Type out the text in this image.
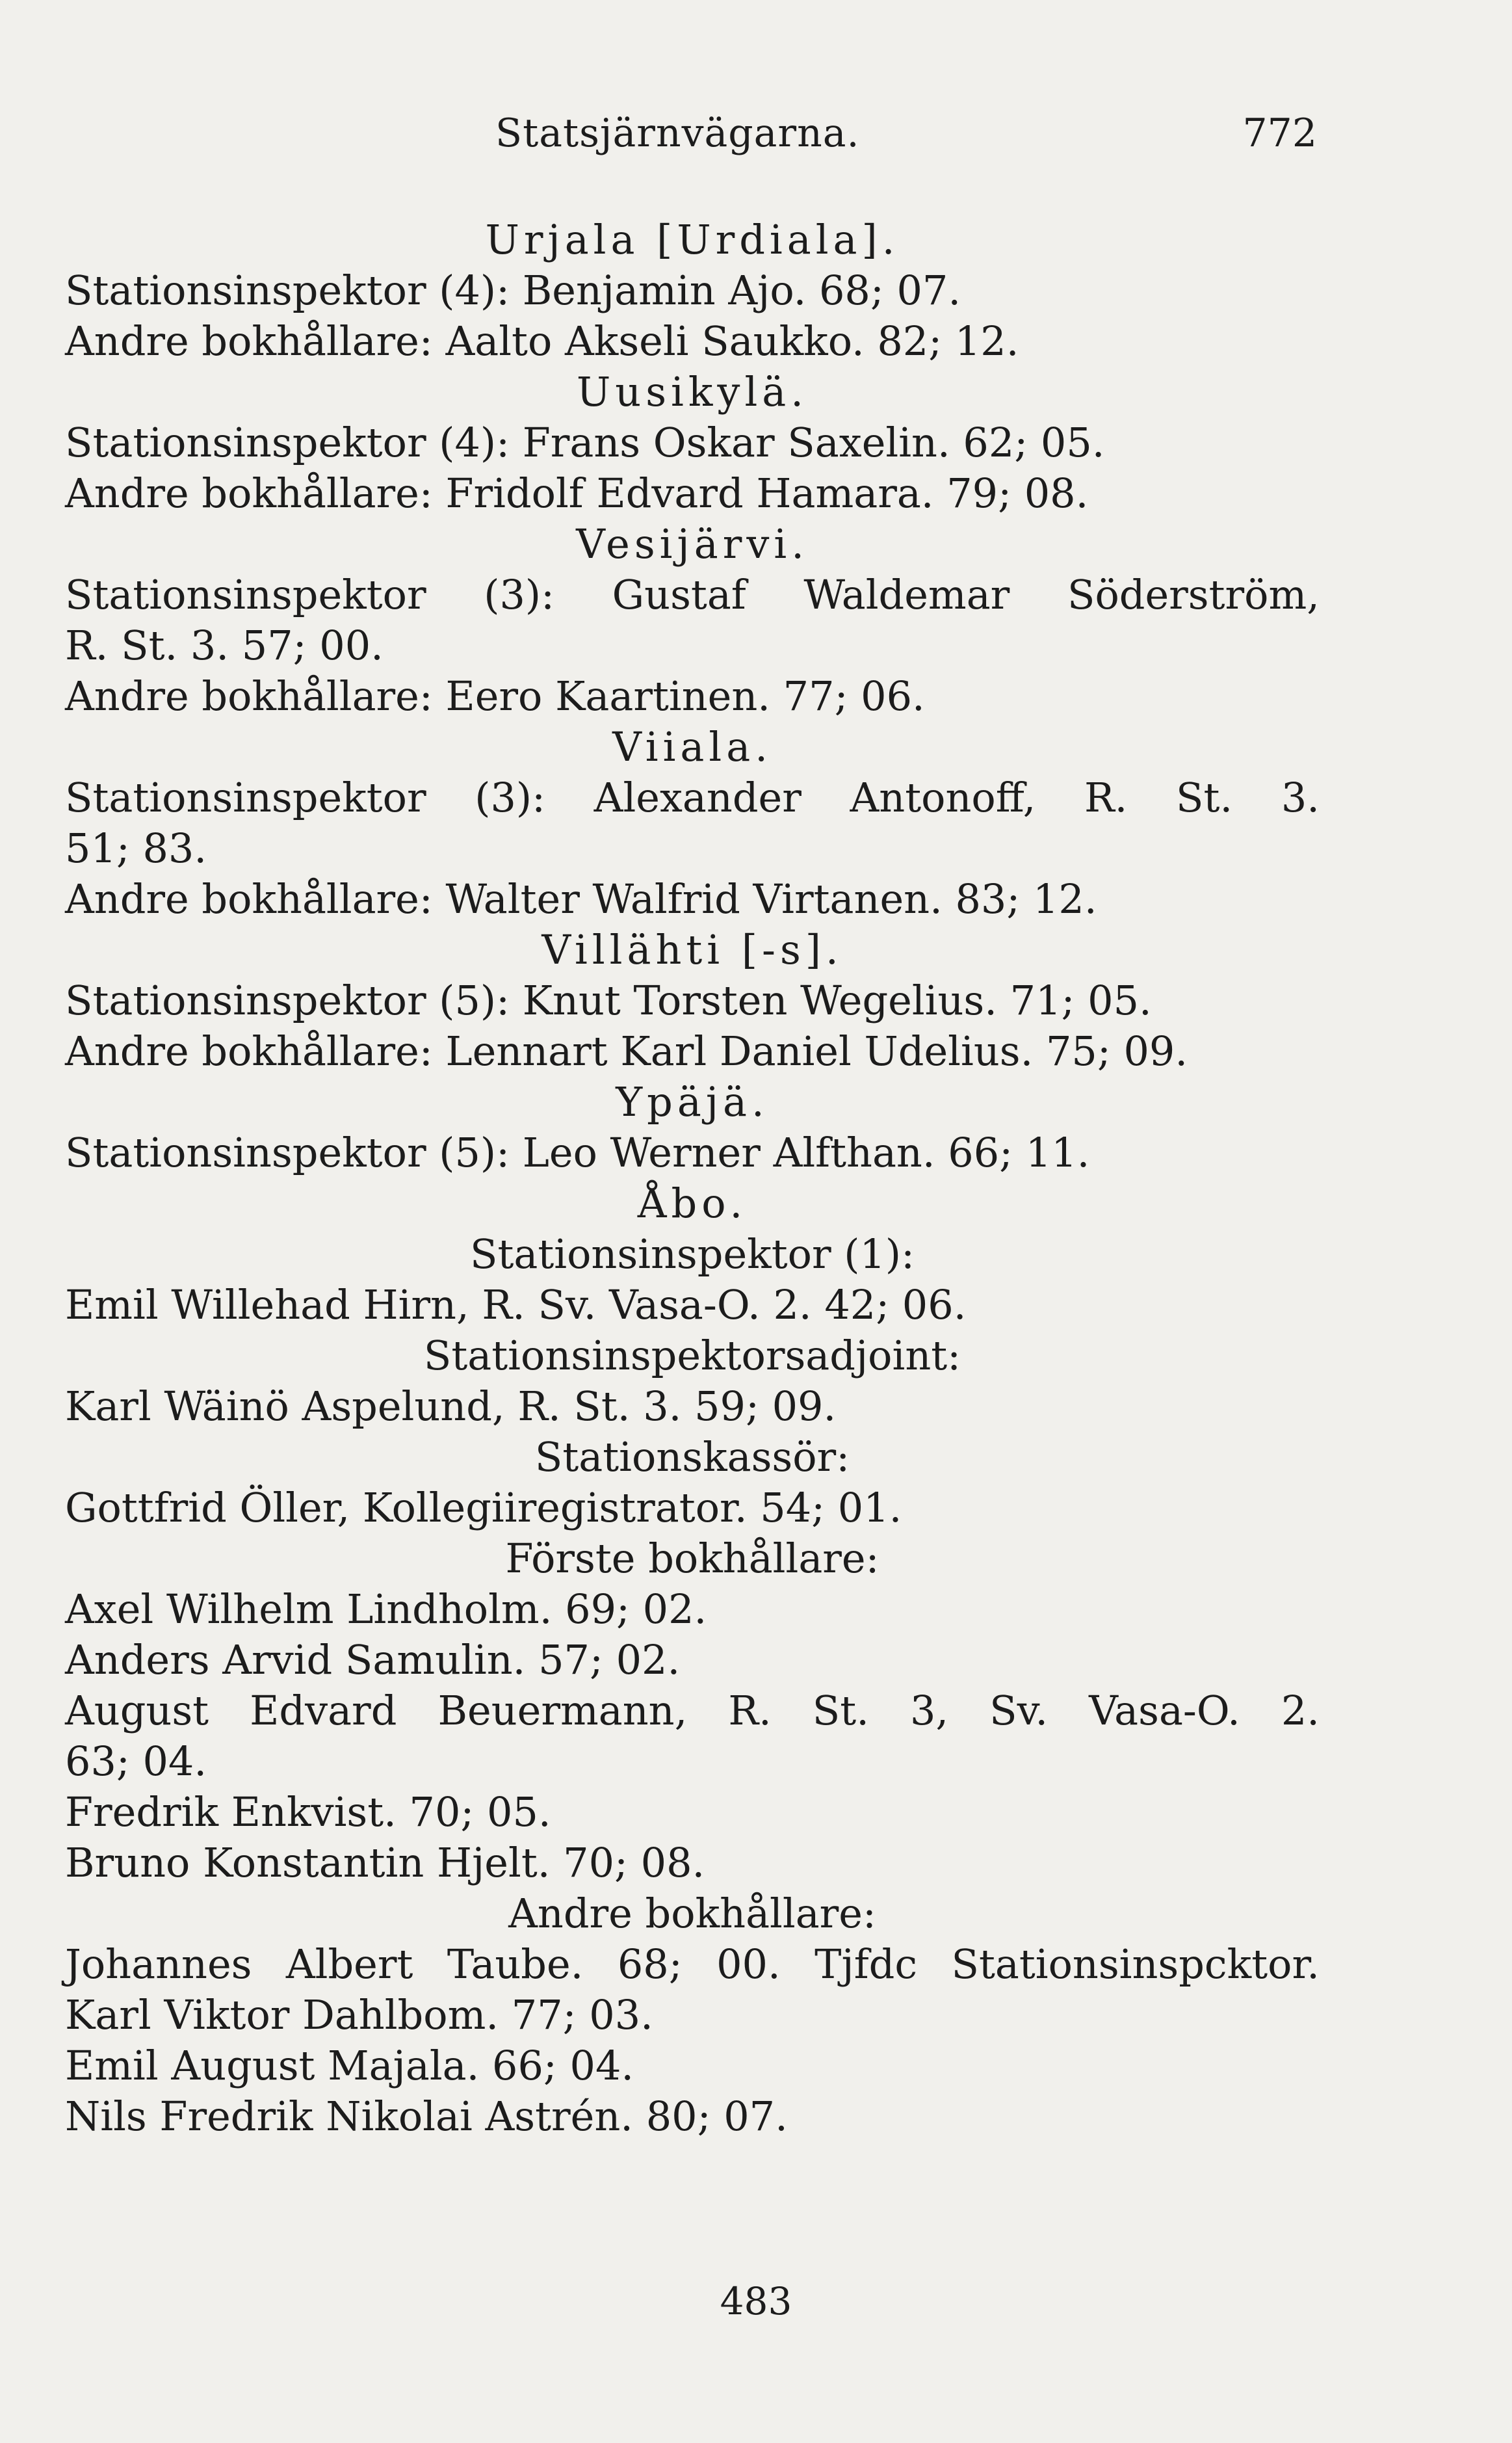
Statsjärnvägarna.	772
Urjala [Urdiala].
Stationsinspektor (4): Benjamin Ajo. 68; 07.
Andre bokhållare: Aalto Akseli Saukko. 82; 12.
Uusikylä.
Stationsinspektor (4): Frans Oskar Saxelin. 62; 05.
Andre bokhållare: Fridolf Edvard Hamara. 79; 08.
Vesijärvi.
Stationsinspektor (3): Gustaf Waldemar Söderström,
R. St. 3. 57; 00.
Andre bokhållare: Eero Kaartinen. 77; 06.
Viiala.
Stationsinspektor (3): Alexander Antonoff, R. St. 3.
51; 83.
Andre bokhållare: Walter Walfrid Virtanen. 83; 12.
Villähti [-s].
Stationsinspektor (5): Knut Torsten Wegelius. 71; 05.
Andre bokhållare: Lennart Karl Daniel Udelius. 75; 09.
Ypäjä.
Stationsinspektor (5): Leo Werner Alfthan. 66; 11.
Åbo.
Stationsinspektor (1):
Emil Willehad Hirn, R. Sv. Vasa-O. 2. 42; 06.
Stationsinspektorsadjoint:
Karl Wäinö Aspelund, R. St. 3. 59; 09.
Stationskassör:
Gottfrid Öller, Kollegiiregistrator. 54; 01.
Förste bokhållare:
Axel Wilhelm Lindholm. 69; 02.
Anders Arvid Samulin. 57; 02.
August Edvard Beuermann, R. St. 3, Sv. Vasa-O. 2.
63; 04.
Fredrik Enkvist. 70; 05.
Bruno Konstantin Hjelt. 70; 08.
Andre bokhållare:
Johannes Albert Taube. 68; 00. Tjfdc Stationsinspcktor.
Karl Viktor Dahlbom. 77; 03.
Emil August Majala. 66; 04.
Nils Fredrik Nikolai Astrén. 80; 07.
483
